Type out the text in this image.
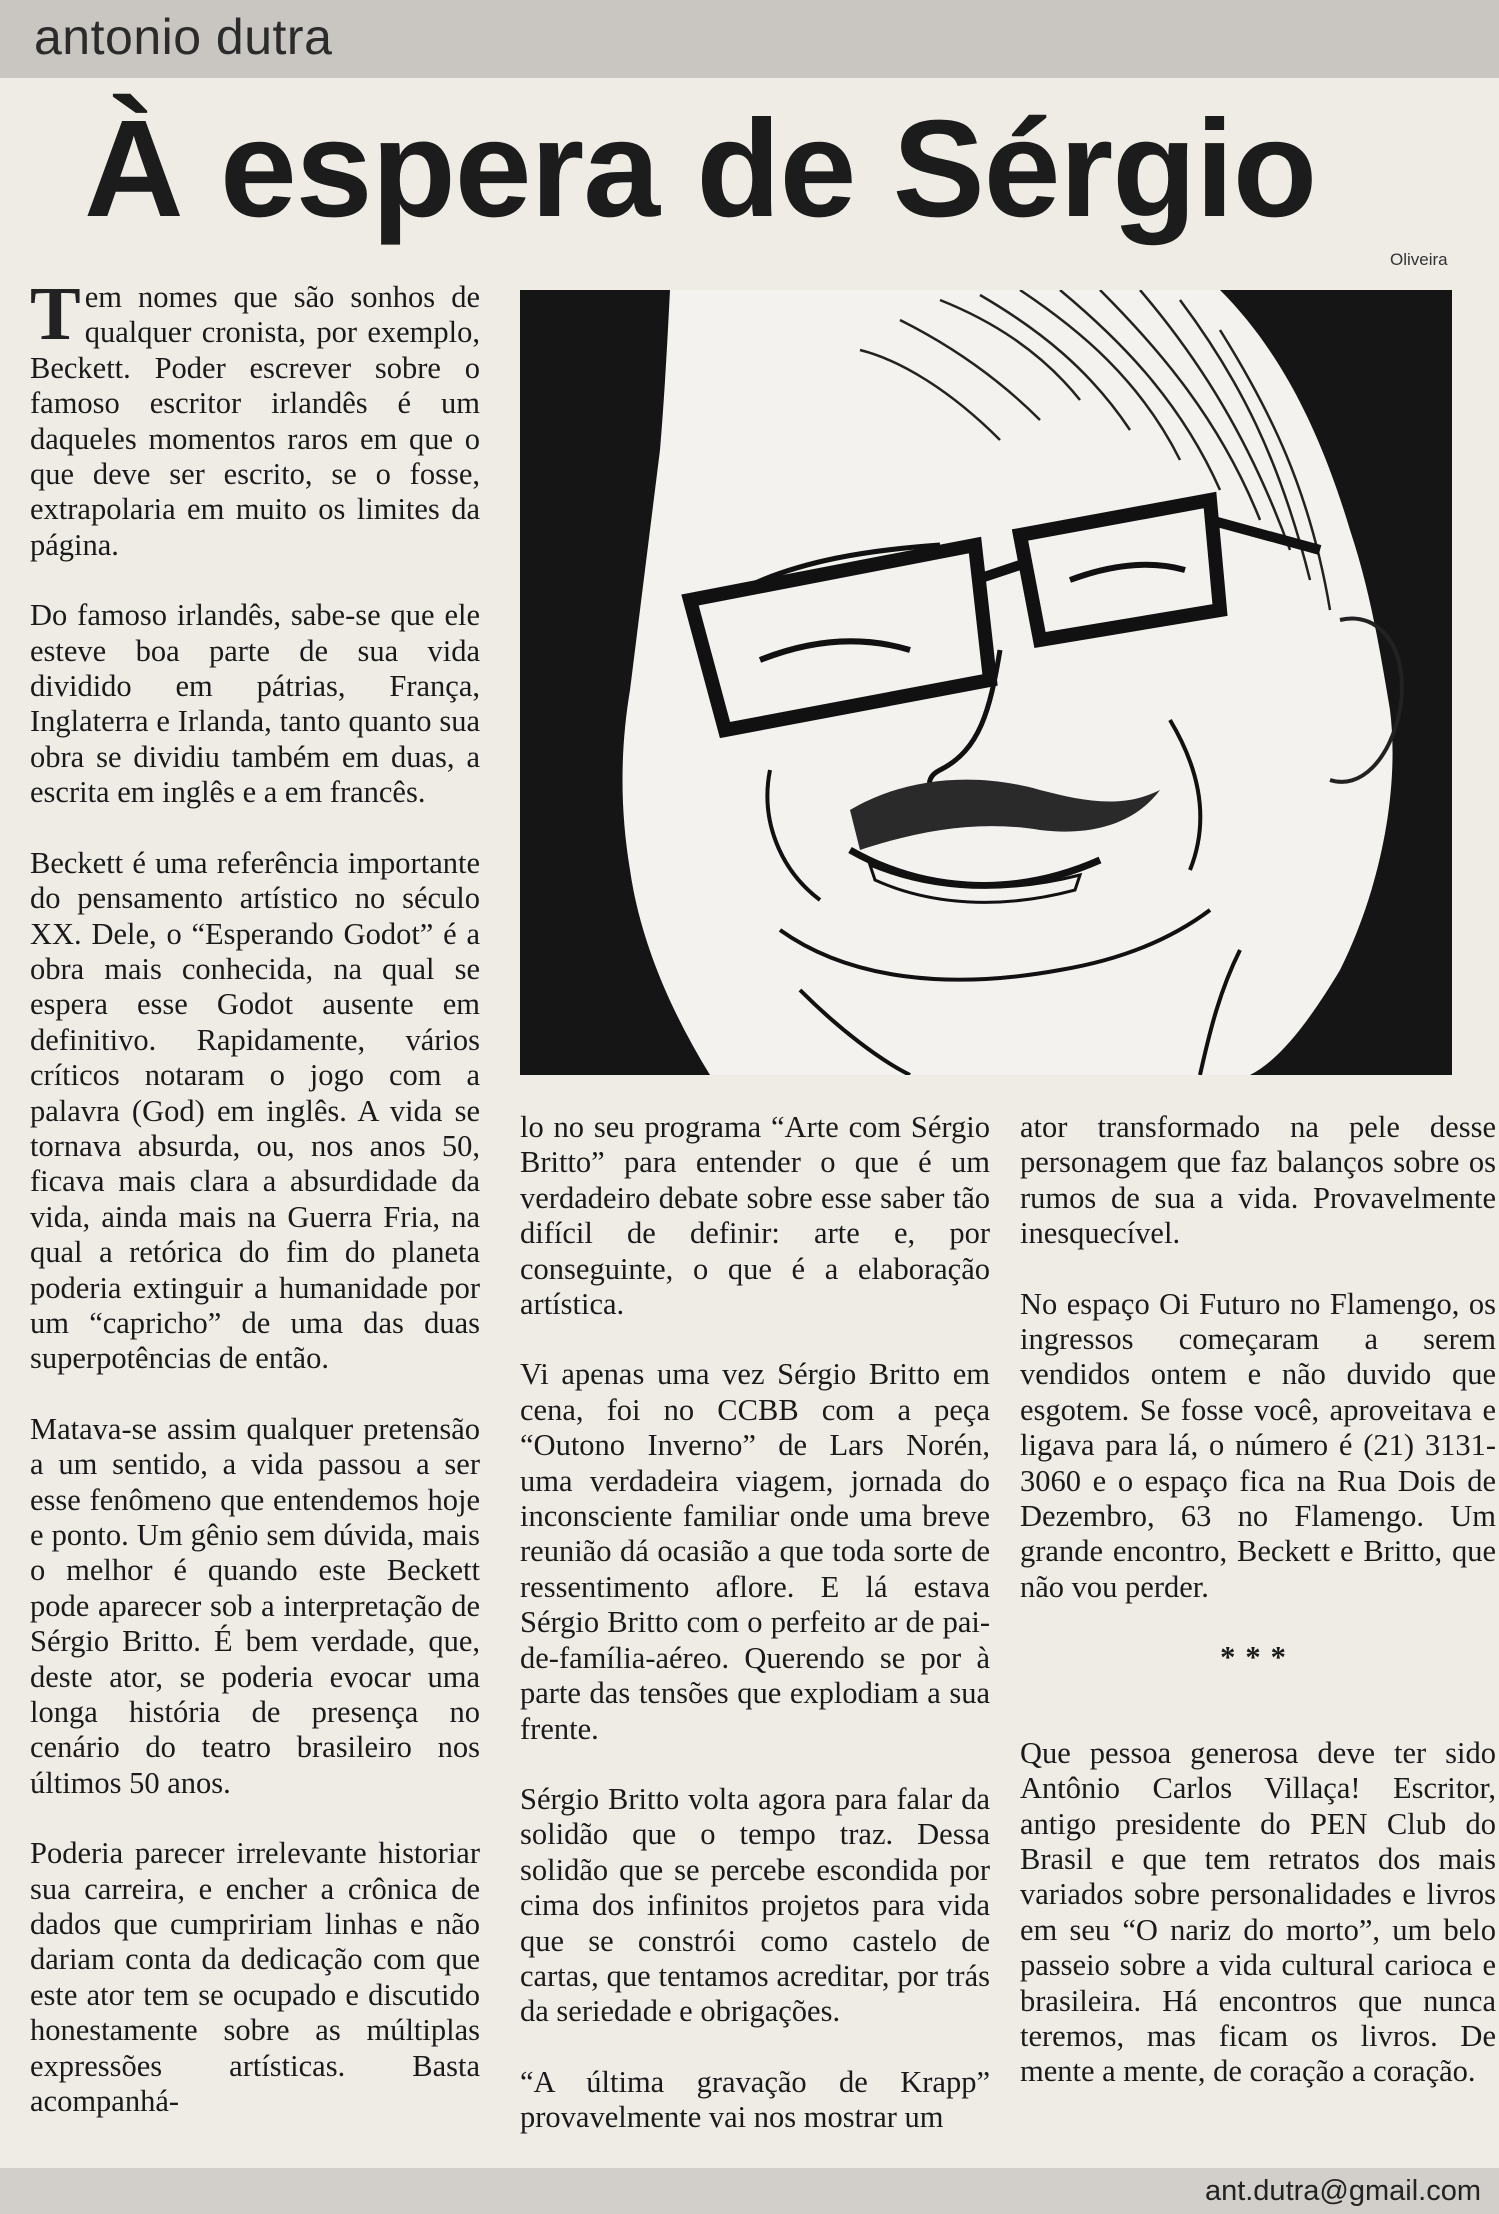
antonio dutra
À espera de Sérgio
Oliveira

Tem nomes que são sonhos de qualquer cronista, por exemplo, Beckett. Poder escrever sobre o famoso escritor irlandês é um daqueles momentos raros em que o que deve ser escrito, se o fosse, extrapolaria em muito os limites da página.

Do famoso irlandês, sabe-se que ele esteve boa parte de sua vida dividido em pátrias, França, Inglaterra e Irlanda, tanto quanto sua obra se dividiu também em duas, a escrita em inglês e a em francês.

Beckett é uma referência importante do pensamento artístico no século XX. Dele, o “Esperando Godot” é a obra mais conhecida, na qual se espera esse Godot ausente em definitivo. Rapidamente, vários críticos notaram o jogo com a palavra (God) em inglês. A vida se tornava absurda, ou, nos anos 50, ficava mais clara a absurdidade da vida, ainda mais na Guerra Fria, na qual a retórica do fim do planeta poderia extinguir a humanidade por um “capricho” de uma das duas superpotências de então.

Matava-se assim qualquer pretensão a um sentido, a vida passou a ser esse fenômeno que entendemos hoje e ponto. Um gênio sem dúvida, mais o melhor é quando este Beckett pode aparecer sob a interpretação de Sérgio Britto. É bem verdade, que, deste ator, se poderia evocar uma longa história de presença no cenário do teatro brasileiro nos últimos 50 anos.

Poderia parecer irrelevante historiar sua carreira, e encher a crônica de dados que cumpririam linhas e não dariam conta da dedicação com que este ator tem se ocupado e discutido honestamente sobre as múltiplas expressões artísticas. Basta acompanhá-

lo no seu programa “Arte com Sérgio Britto” para entender o que é um verdadeiro debate sobre esse saber tão difícil de definir: arte e, por conseguinte, o que é a elaboração artística.

Vi apenas uma vez Sérgio Britto em cena, foi no CCBB com a peça “Outono Inverno” de Lars Norén, uma verdadeira viagem, jornada do inconsciente familiar onde uma breve reunião dá ocasião a que toda sorte de ressentimento aflore. E lá estava Sérgio Britto com o perfeito ar de pai-de-família-aéreo. Querendo se por à parte das tensões que explodiam a sua frente.

Sérgio Britto volta agora para falar da solidão que o tempo traz. Dessa solidão que se percebe escondida por cima dos infinitos projetos para vida que se constrói como castelo de cartas, que tentamos acreditar, por trás da seriedade e obrigações.

“A última gravação de Krapp” provavelmente vai nos mostrar um

ator transformado na pele desse personagem que faz balanços sobre os rumos de sua a vida. Provavelmente inesquecível.

No espaço Oi Futuro no Flamengo, os ingressos começaram a serem vendidos ontem e não duvido que esgotem. Se fosse você, aproveitava e ligava para lá, o número é (21) 3131-3060 e o espaço fica na Rua Dois de Dezembro, 63 no Flamengo. Um grande encontro, Beckett e Britto, que não vou perder.

***

Que pessoa generosa deve ter sido Antônio Carlos Villaça! Escritor, antigo presidente do PEN Club do Brasil e que tem retratos dos mais variados sobre personalidades e livros em seu “O nariz do morto”, um belo passeio sobre a vida cultural carioca e brasileira. Há encontros que nunca teremos, mas ficam os livros. De mente a mente, de coração a coração.

ant.dutra@gmail.com
